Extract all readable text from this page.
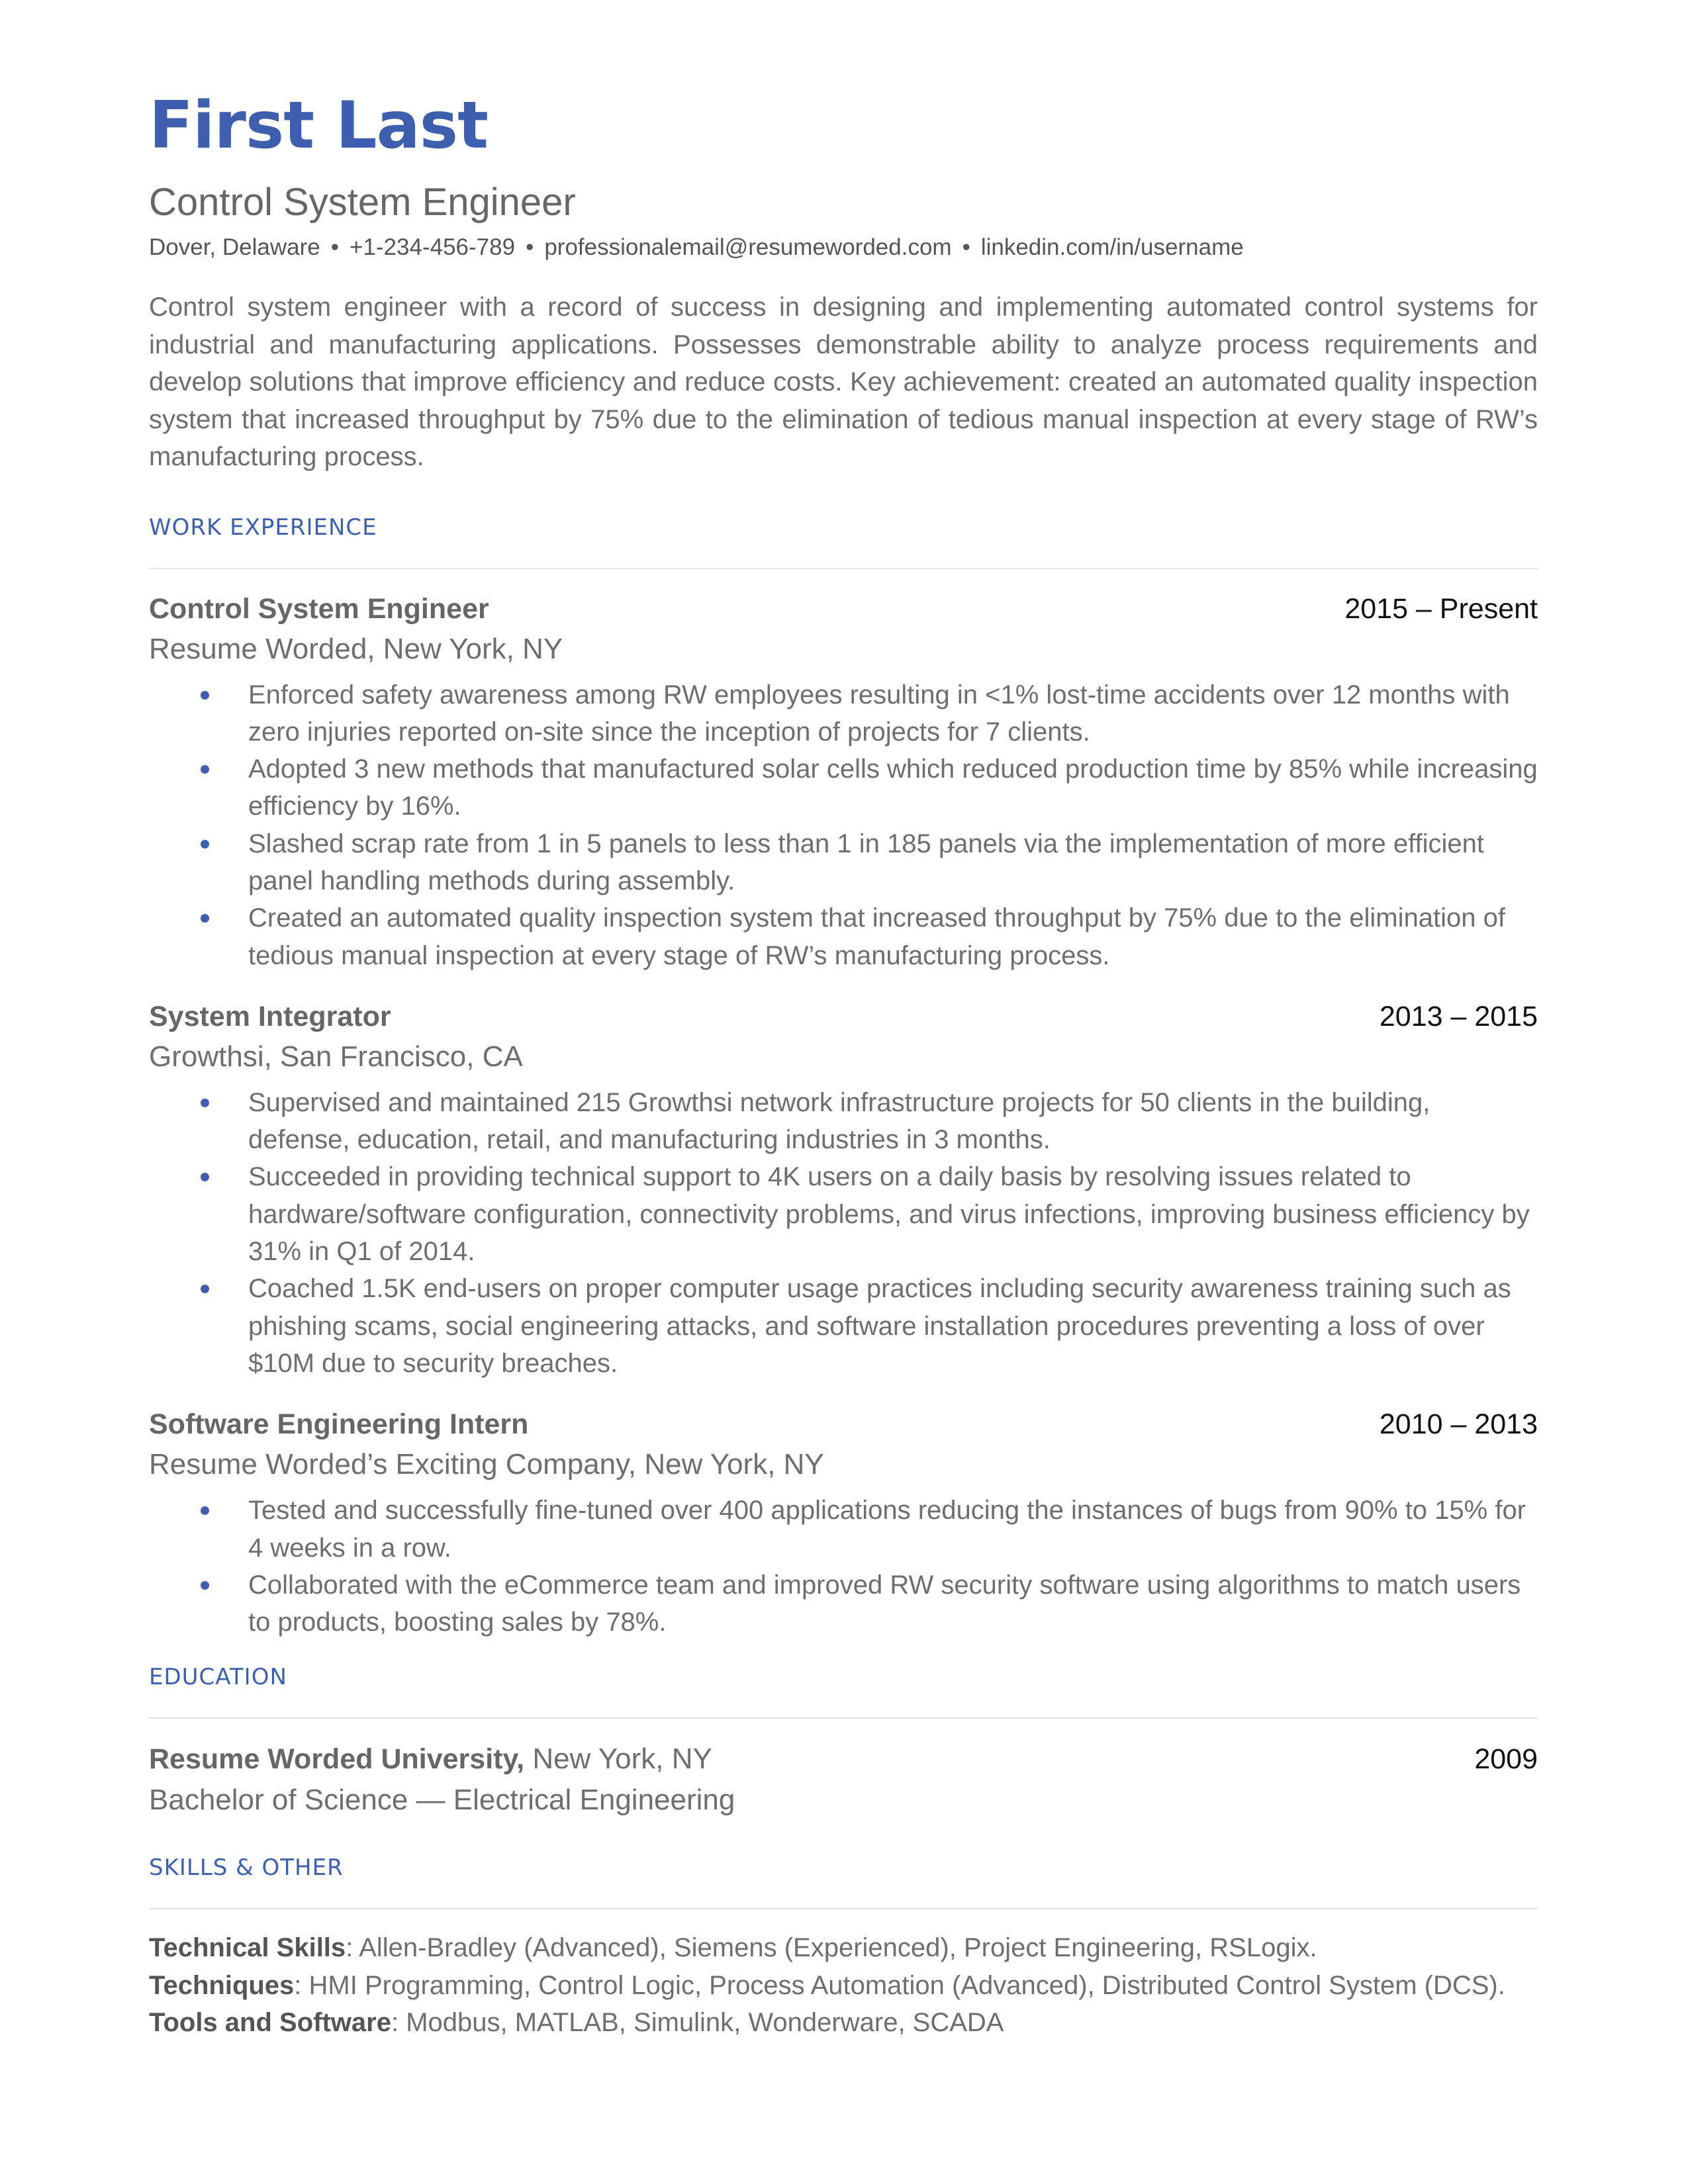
First Last
Control System Engineer
Dover, Delaware • +1-234-456-789 • professionalemail@resumeworded.com • linkedin.com/in/username
Control system engineer with a record of success in designing and implementing automated control systems for industrial and manufacturing applications. Possesses demonstrable ability to analyze process requirements and develop solutions that improve efficiency and reduce costs. Key achievement: created an automated quality inspection system that increased throughput by 75% due to the elimination of tedious manual inspection at every stage of RW’s manufacturing process.
WORK EXPERIENCE
Control System Engineer	2015 – Present
Resume Worded, New York, NY
Enforced safety awareness among RW employees resulting in <1% lost-time accidents over 12 months with zero injuries reported on-site since the inception of projects for 7 clients.
Adopted 3 new methods that manufactured solar cells which reduced production time by 85% while increasing efficiency by 16%.
Slashed scrap rate from 1 in 5 panels to less than 1 in 185 panels via the implementation of more efficient panel handling methods during assembly.
Created an automated quality inspection system that increased throughput by 75% due to the elimination of tedious manual inspection at every stage of RW’s manufacturing process.
System Integrator	2013 – 2015
Growthsi, San Francisco, CA
Supervised and maintained 215 Growthsi network infrastructure projects for 50 clients in the building, defense, education, retail, and manufacturing industries in 3 months.
Succeeded in providing technical support to 4K users on a daily basis by resolving issues related to hardware/software configuration, connectivity problems, and virus infections, improving business efficiency by 31% in Q1 of 2014.
Coached 1.5K end-users on proper computer usage practices including security awareness training such as phishing scams, social engineering attacks, and software installation procedures preventing a loss of over $10M due to security breaches.
Software Engineering Intern	2010 – 2013
Resume Worded’s Exciting Company, New York, NY
Tested and successfully fine-tuned over 400 applications reducing the instances of bugs from 90% to 15% for 4 weeks in a row.
Collaborated with the eCommerce team and improved RW security software using algorithms to match users to products, boosting sales by 78%.
EDUCATION
Resume Worded University, New York, NY	2009
Bachelor of Science — Electrical Engineering
SKILLS & OTHER
Technical Skills: Allen-Bradley (Advanced), Siemens (Experienced), Project Engineering, RSLogix.
Techniques: HMI Programming, Control Logic, Process Automation (Advanced), Distributed Control System (DCS).
Tools and Software: Modbus, MATLAB, Simulink, Wonderware, SCADA
